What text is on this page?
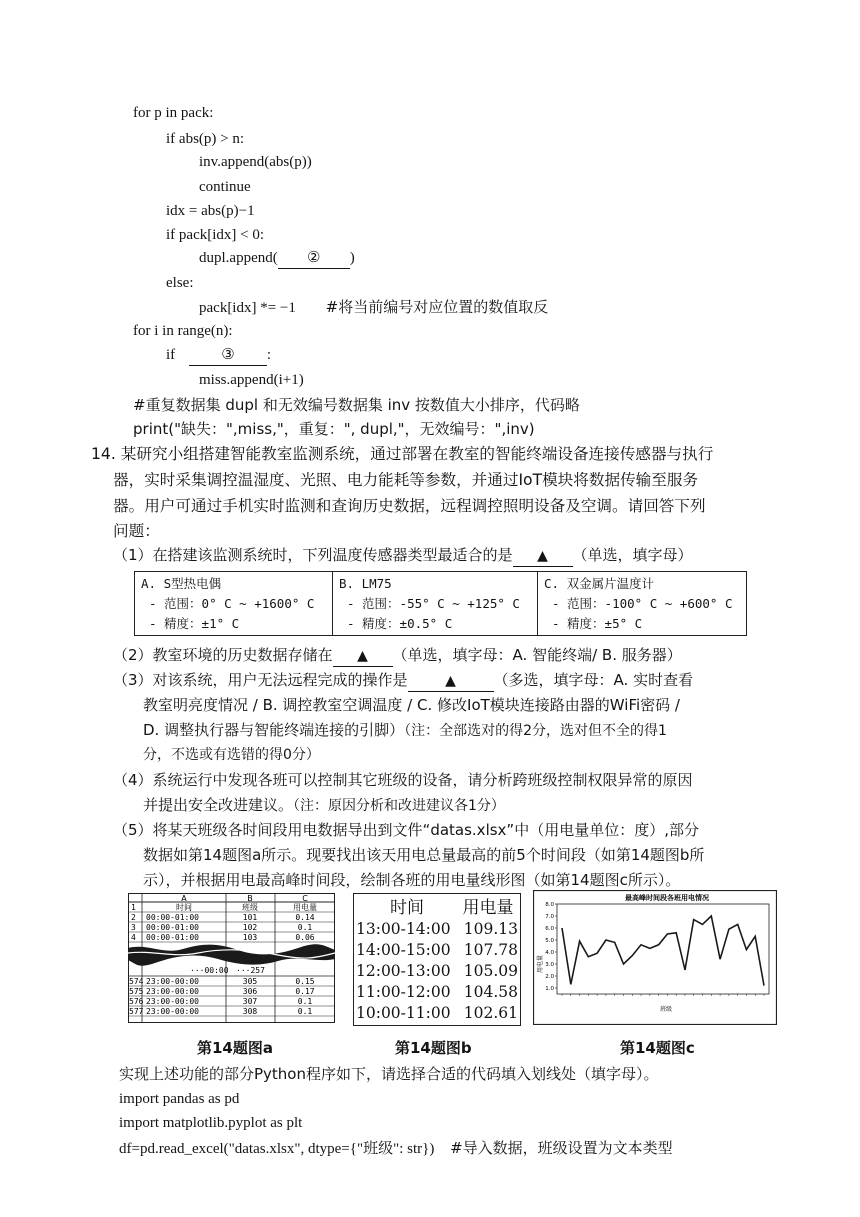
for p in pack:
if abs(p) > n:
inv.append(abs(p))
continue
idx = abs(p)−1
if pack[idx] < 0:
dupl.append( ② )
else:
pack[idx] *= −1 #将当前编号对应位置的数值取反
for i in range(n):
if	③ :
miss.append(i+1)
#重复数据集 dupl 和无效编号数据集 inv 按数值大小排序，代码略
print("缺失：",miss,"，重复：", dupl,"，无效编号：",inv)
14. 某研究小组搭建智能教室监测系统，通过部署在教室的智能终端设备连接传感器与执行
器，实时采集调控温湿度、光照、电力能耗等参数，并通过IoT模块将数据传输至服务
器。用户可通过手机实时监测和查询历史数据，远程调控照明设备及空调。请回答下列
问题：
（1）在搭建该监测系统时，下列温度传感器类型最适合的是 ▲ （单选，填字母）
A. S型热电偶
- 范围：0° C ~ +1600° C
- 精度：±1° C

B. LM75
- 范围：-55° C ~ +125° C
- 精度：±0.5° C

C. 双金属片温度计
- 范围：-100° C ~ +600° C
- 精度：±5° C
（2）教室环境的历史数据存储在 ▲ （单选，填字母：A. 智能终端/ B. 服务器）
（3）对该系统，用户无法远程完成的操作是	▲	（多选，填字母：A. 实时查看
教室明亮度情况 / B. 调控教室空调温度 / C. 修改IoT模块连接路由器的WiFi密码 /
D. 调整执行器与智能终端连接的引脚）（注：全部选对的得2分，选对但不全的得1
分，不选或有选错的得0分）
（4）系统运行中发现各班可以控制其它班级的设备，请分析跨班级控制权限异常的原因
并提出安全改进建议。（注：原因分析和改进建议各1分）
（5）将某天班级各时间段用电数据导出到文件“datas.xlsx”中（用电量单位：度）,部分
数据如第14题图a所示。现要找出该天用电总量最高的前5个时间段（如第14题图b所
示），并根据用电最高峰时间段，绘制各班的用电量线形图（如第14题图c所示）。
A	B	C
1	时间	班级	用电量
2 00:00-01:00	101	0.14
3 00:00-01:00	102	0.1
4 00:00-01:00	103	0.06
···00:00 ···257
574 23:00-00:00	305	0.15
575 23:00-00:00	306	0.17
576 23:00-00:00	307	0.1
577 23:00-00:00	308	0.1
时间	用电量
13:00-14:00 109.13
14:00-15:00 107.78
12:00-13:00 105.09
11:00-12:00 104.58
10:00-11:00 102.61
最高峰时间段各班用电情况
用电量
班级
1.0
2.0
3.0
4.0
5.0
6.0
7.0
8.0
第14题图a	第14题图b	第14题图c
实现上述功能的部分Python程序如下，请选择合适的代码填入划线处（填字母）。
import pandas as pd
import matplotlib.pyplot as plt
df=pd.read_excel("datas.xlsx", dtype={"班级": str}) #导入数据，班级设置为文本类型
